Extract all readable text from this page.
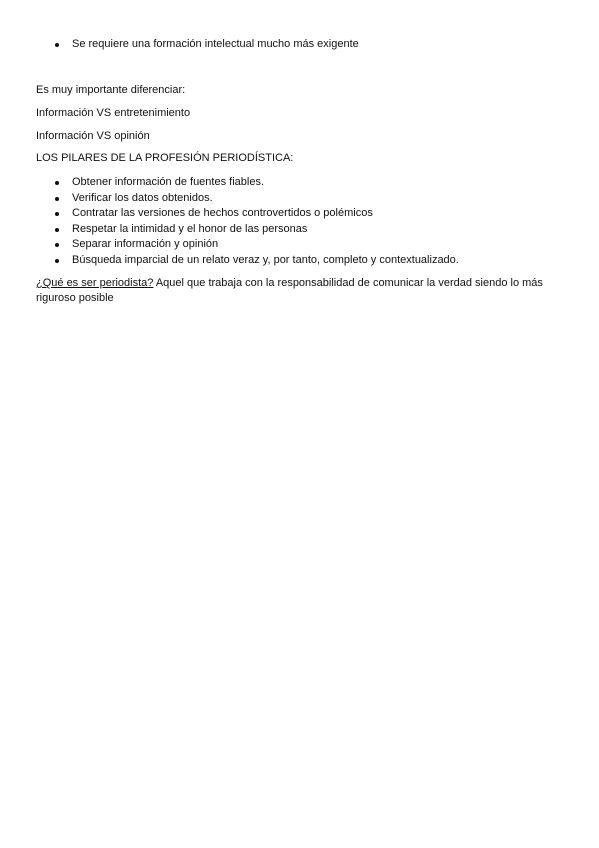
Se requiere una formación intelectual mucho más exigente

Es muy importante diferenciar:

Información VS entretenimiento

Información VS opinión

LOS PILARES DE LA PROFESIÓN PERIODÍSTICA:

Obtener información de fuentes fiables.
Verificar los datos obtenidos.
Contratar las versiones de hechos controvertidos o polémicos
Respetar la intimidad y el honor de las personas
Separar información y opinión
Búsqueda imparcial de un relato veraz y, por tanto, completo y contextualizado.

¿Qué es ser periodista? Aquel que trabaja con la responsabilidad de comunicar la verdad siendo lo más riguroso posible
